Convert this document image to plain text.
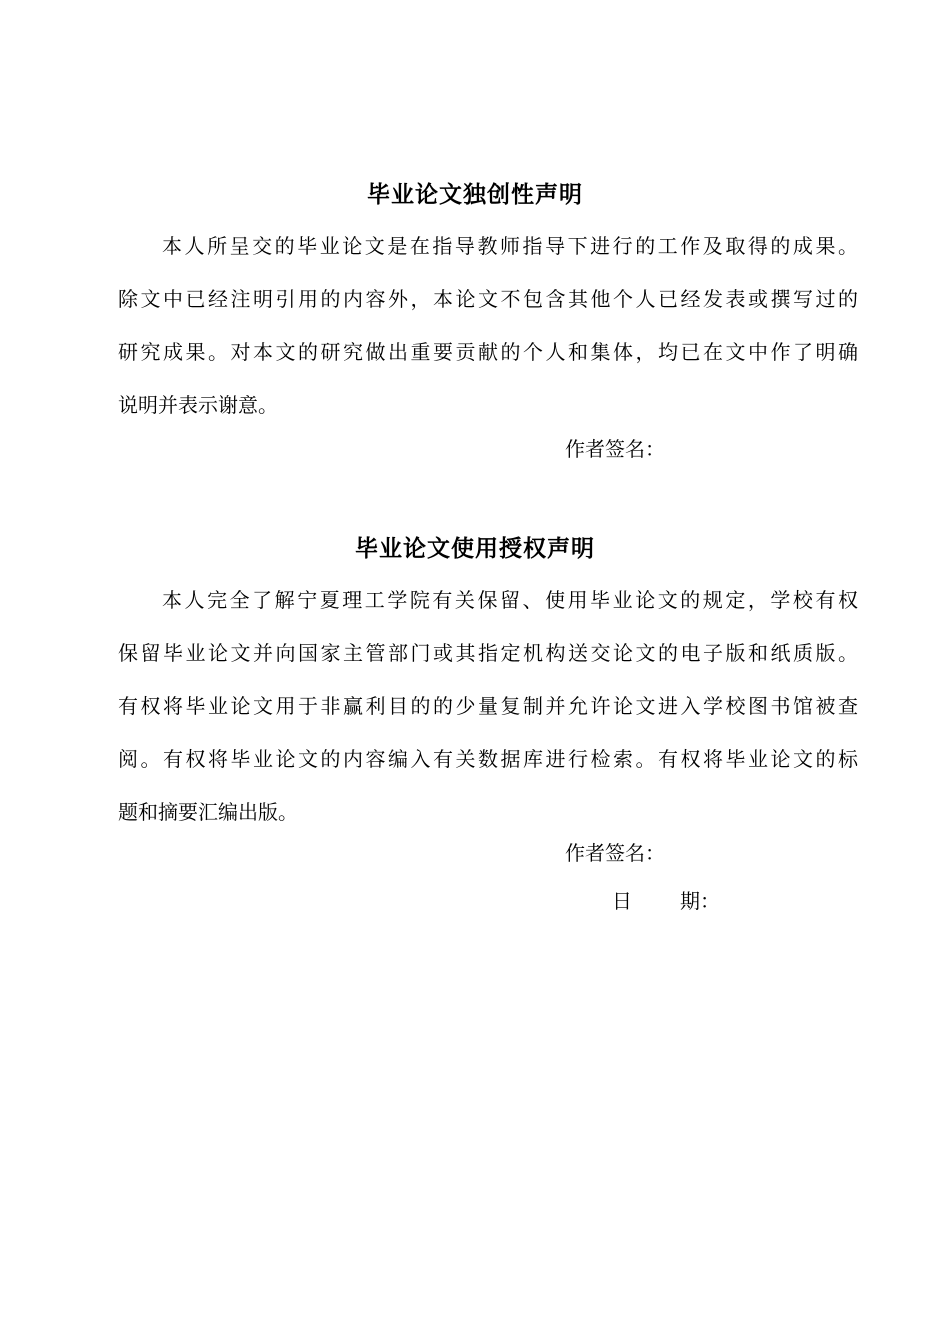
毕业论文独创性声明
本人所呈交的毕业论文是在指导教师指导下进行的工作及取得的成果。
除文中已经注明引用的内容外，本论文不包含其他个人已经发表或撰写过的
研究成果。对本文的研究做出重要贡献的个人和集体，均已在文中作了明确
说明并表示谢意。
作者签名：
毕业论文使用授权声明
本人完全了解宁夏理工学院有关保留、使用毕业论文的规定，学校有权
保留毕业论文并向国家主管部门或其指定机构送交论文的电子版和纸质版。
有权将毕业论文用于非赢利目的的少量复制并允许论文进入学校图书馆被查
阅。有权将毕业论文的内容编入有关数据库进行检索。有权将毕业论文的标
题和摘要汇编出版。
作者签名：
日 期：
